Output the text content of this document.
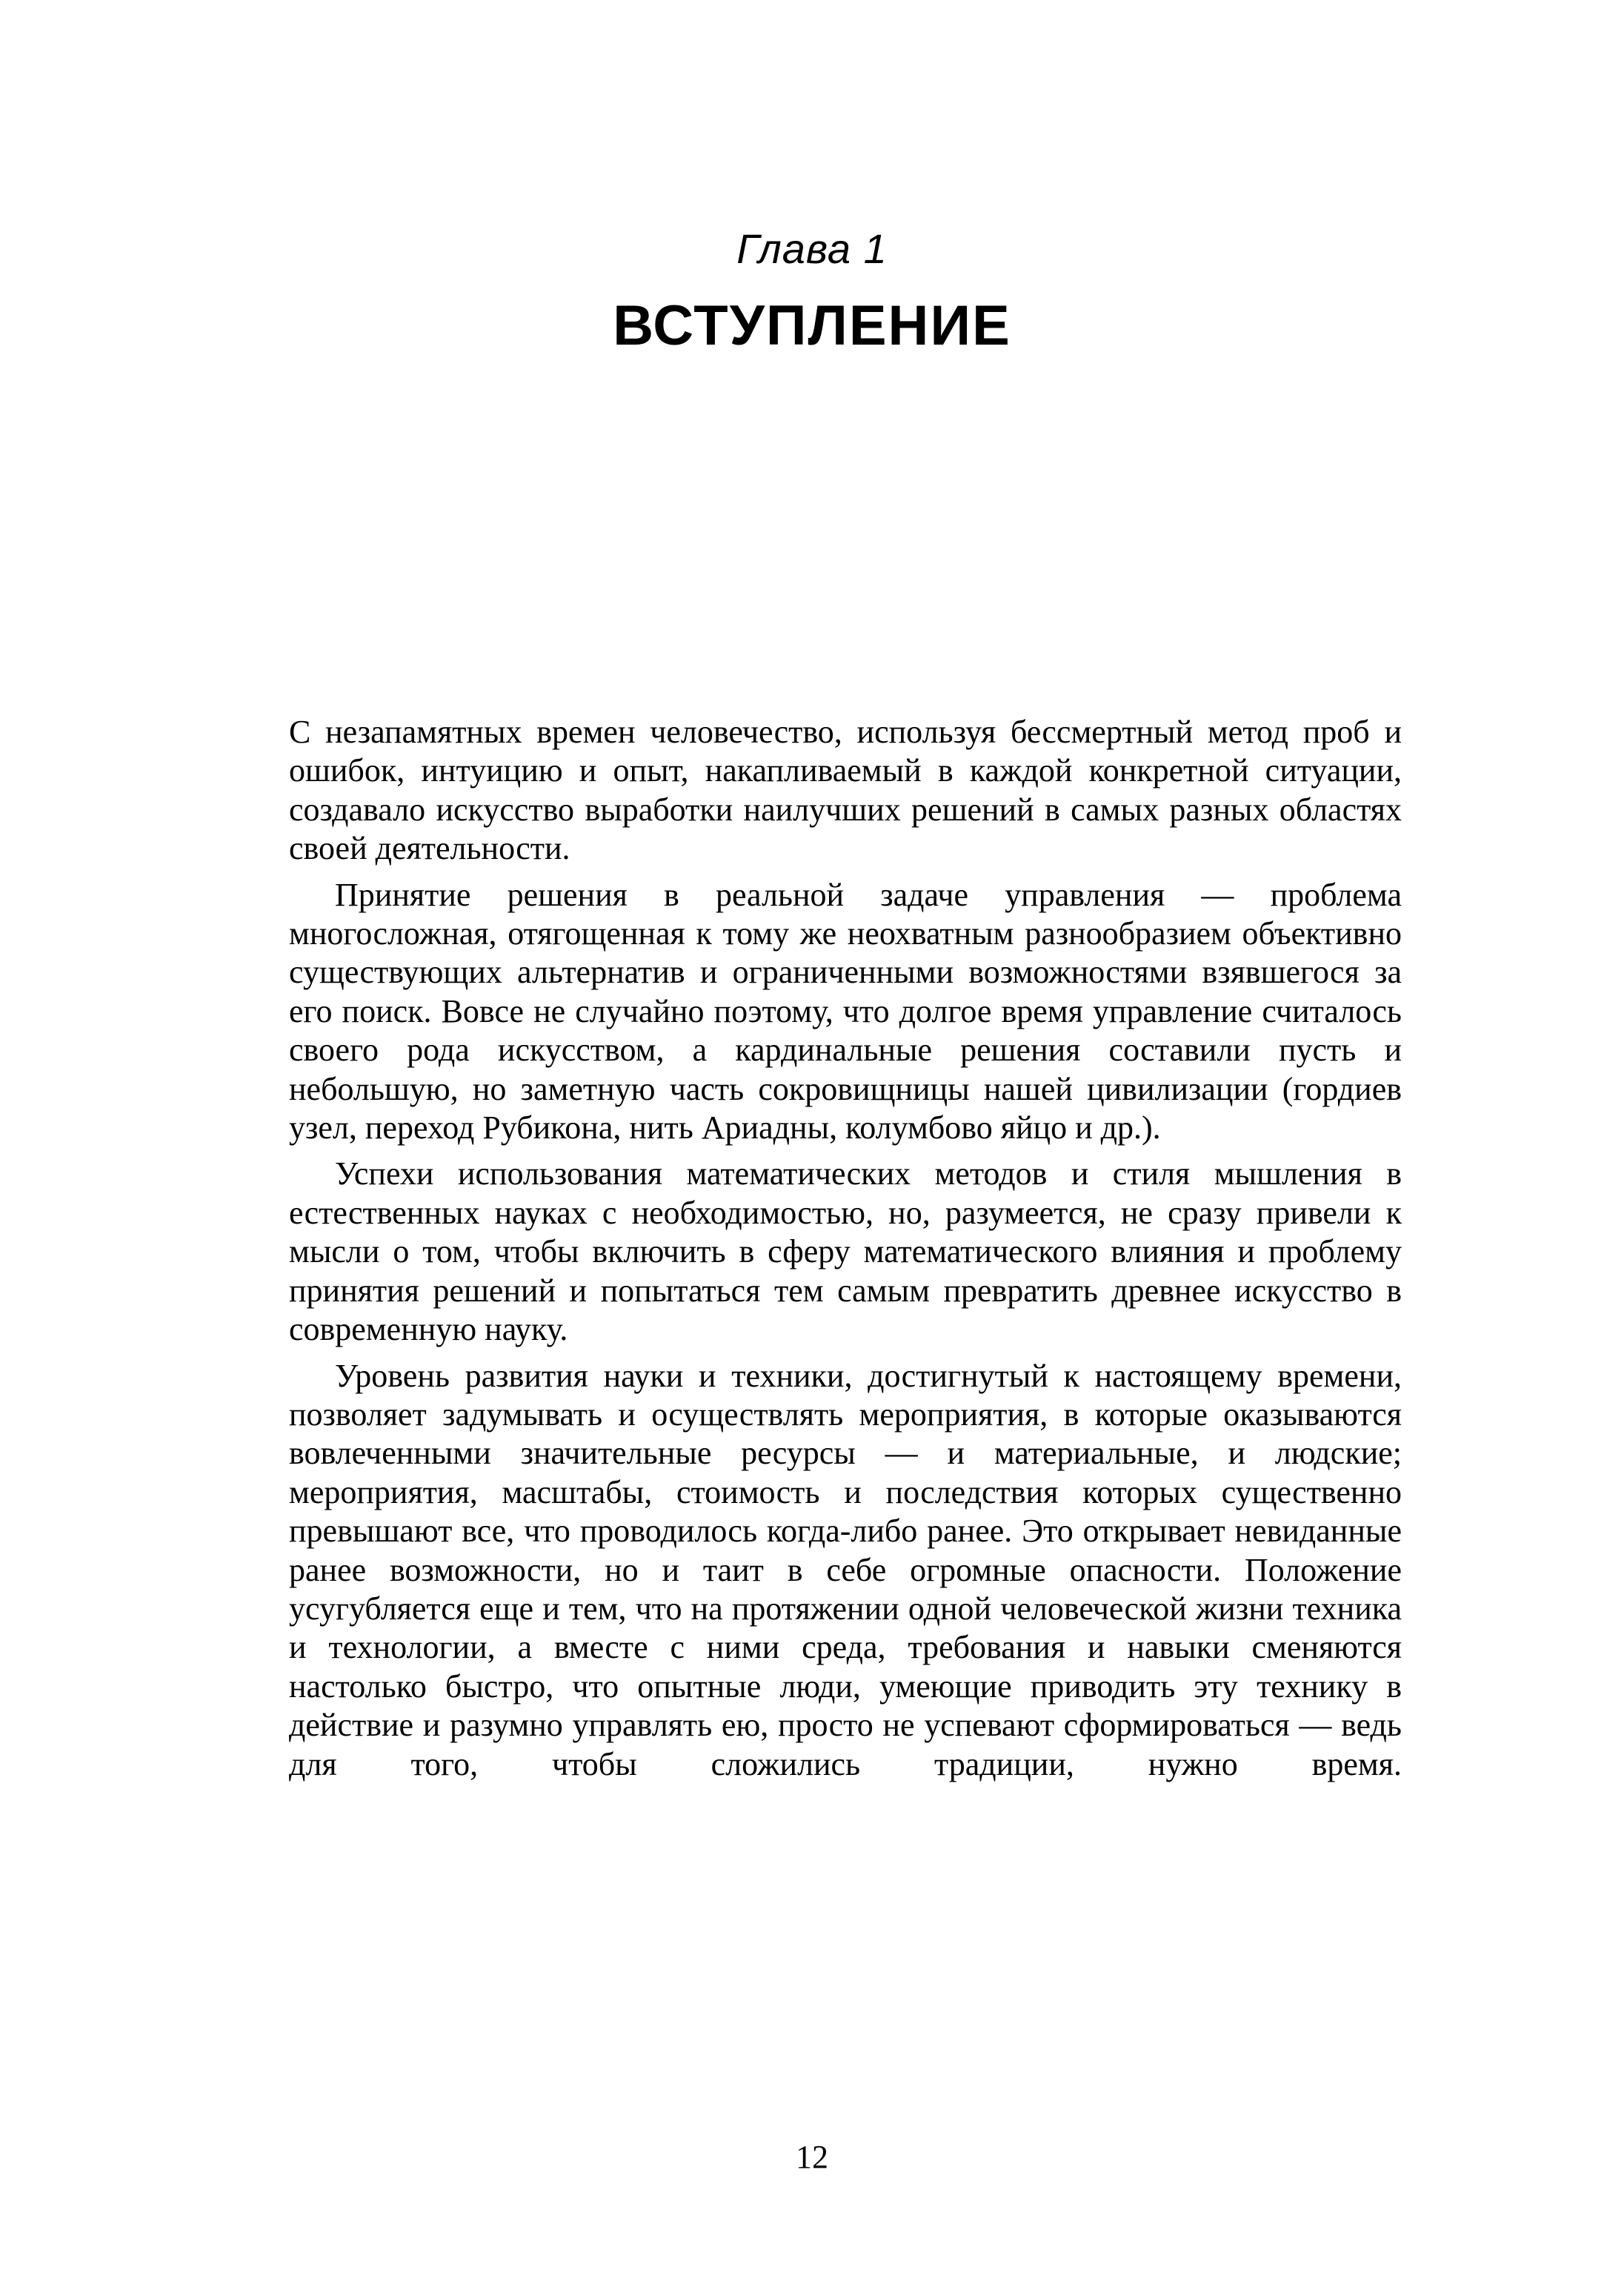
Глава 1

ВСТУПЛЕНИЕ

С незапамятных времен человечество, используя бессмертный метод проб и ошибок, интуицию и опыт, накапливаемый в каждой конкретной ситуации, создавало искусство выработки наилучших решений в самых разных областях своей деятельности.

Принятие решения в реальной задаче управления — проблема многосложная, отягощенная к тому же неохватным разнообразием объективно существующих альтернатив и ограниченными возможностями взявшегося за его поиск. Вовсе не случайно поэтому, что долгое время управление считалось своего рода искусством, а кардинальные решения составили пусть и небольшую, но заметную часть сокровищницы нашей цивилизации (гордиев узел, переход Рубикона, нить Ариадны, колумбово яйцо и др.).

Успехи использования математических методов и стиля мышления в естественных науках с необходимостью, но, разумеется, не сразу привели к мысли о том, чтобы включить в сферу математического влияния и проблему принятия решений и попытаться тем самым превратить древнее искусство в современную науку.

Уровень развития науки и техники, достигнутый к настоящему времени, позволяет задумывать и осуществлять мероприятия, в которые оказываются вовлеченными значительные ресурсы — и материальные, и людские; мероприятия, масштабы, стоимость и последствия которых существенно превышают все, что проводилось когда-либо ранее. Это открывает невиданные ранее возможности, но и таит в себе огромные опасности. Положение усугубляется еще и тем, что на протяжении одной человеческой жизни техника и технологии, а вместе с ними среда, требования и навыки сменяются настолько быстро, что опытные люди, умеющие приводить эту технику в действие и разумно управлять ею, просто не успевают сформироваться — ведь для того, чтобы сложились традиции, нужно время.

12
